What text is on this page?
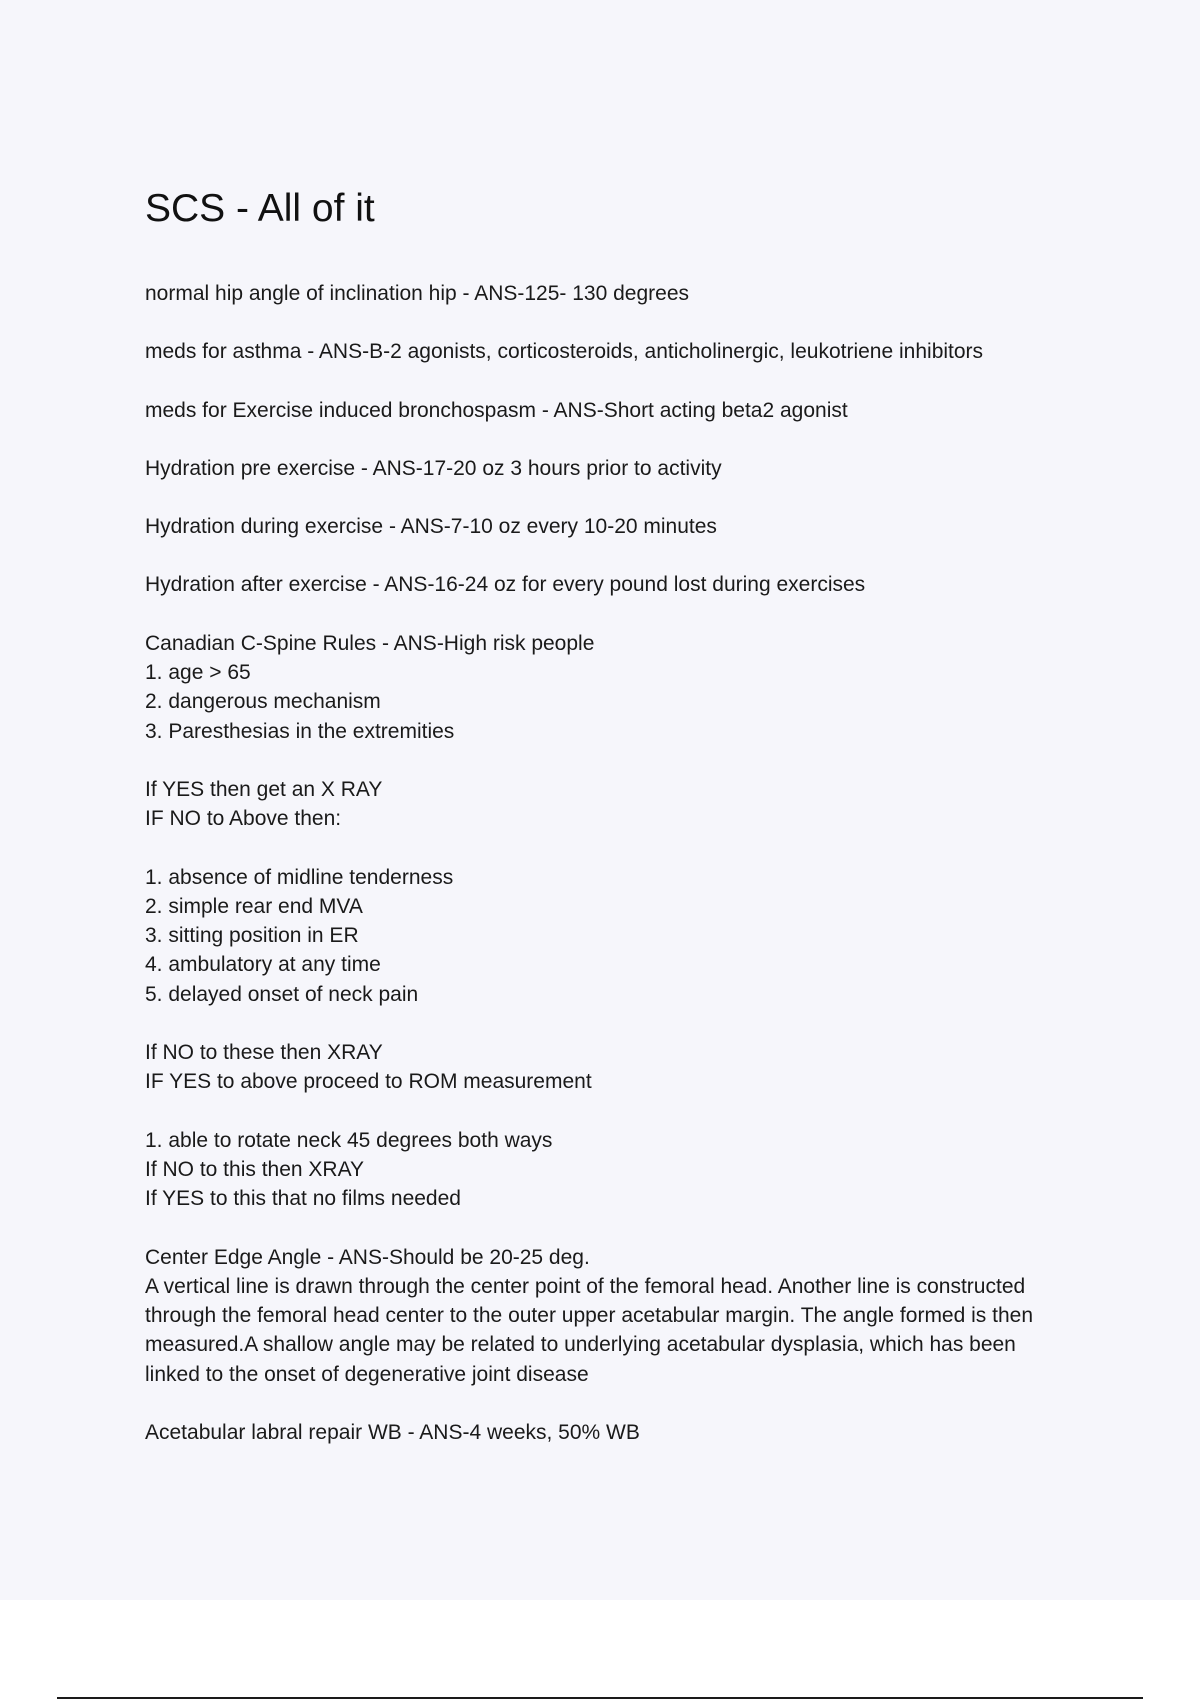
SCS - All of it
normal hip angle of inclination hip - ANS-125- 130 degrees
meds for asthma - ANS-B-2 agonists, corticosteroids, anticholinergic, leukotriene inhibitors
meds for Exercise induced bronchospasm - ANS-Short acting beta2 agonist
Hydration pre exercise - ANS-17-20 oz 3 hours prior to activity
Hydration during exercise - ANS-7-10 oz every 10-20 minutes
Hydration after exercise - ANS-16-24 oz for every pound lost during exercises
Canadian C-Spine Rules - ANS-High risk people
1. age > 65
2. dangerous mechanism
3. Paresthesias in the extremities
If YES then get an X RAY
IF NO to Above then:
1. absence of midline tenderness
2. simple rear end MVA
3. sitting position in ER
4. ambulatory at any time
5. delayed onset of neck pain
If NO to these then XRAY
IF YES to above proceed to ROM measurement
1. able to rotate neck 45 degrees both ways
If NO to this then XRAY
If YES to this that no films needed
Center Edge Angle - ANS-Should be 20-25 deg.
A vertical line is drawn through the center point of the femoral head. Another line is constructed
through the femoral head center to the outer upper acetabular margin. The angle formed is then
measured.A shallow angle may be related to underlying acetabular dysplasia, which has been
linked to the onset of degenerative joint disease
Acetabular labral repair WB - ANS-4 weeks, 50% WB
